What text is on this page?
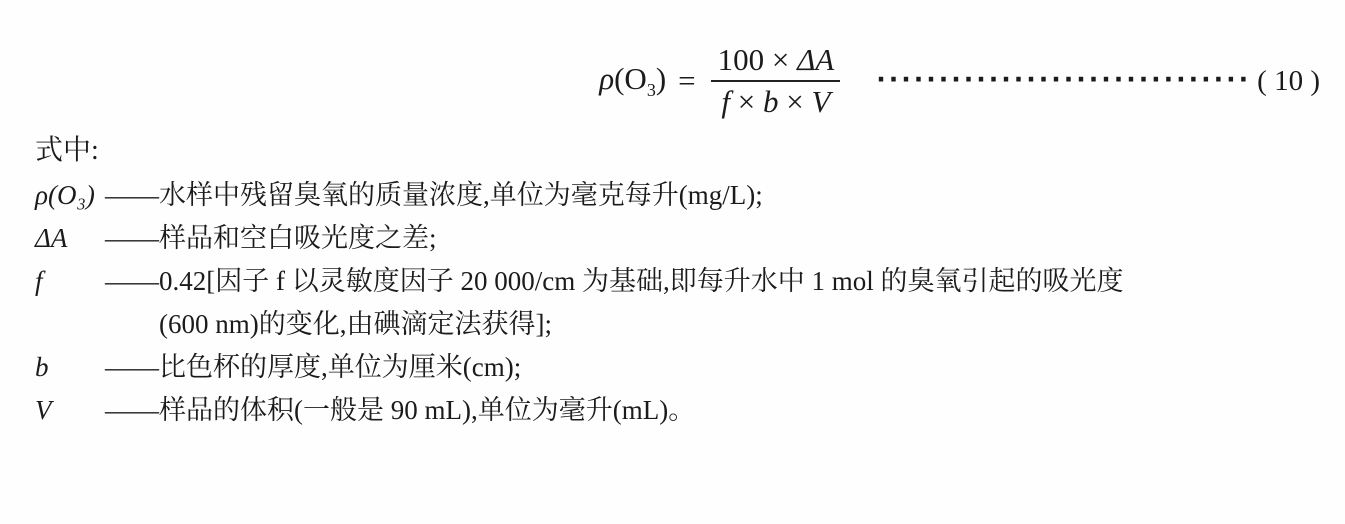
$\rho(O_3) = \frac{100 \times \Delta A}{f \times b \times V}$ ······························ ( 10 )
式中:
ρ(O₃) —— 水样中残留臭氧的质量浓度,单位为毫克每升(mg/L);
ΔA	—— 样品和空白吸光度之差;
f	—— 0.42[因子 f 以灵敏度因子 20 000/cm 为基础,即每升水中 1 mol 的臭氧引起的吸光度
(600 nm)的变化,由碘滴定法获得];
b	—— 比色杯的厚度,单位为厘米(cm);
V	—— 样品的体积(一般是 90 mL),单位为毫升(mL)。
